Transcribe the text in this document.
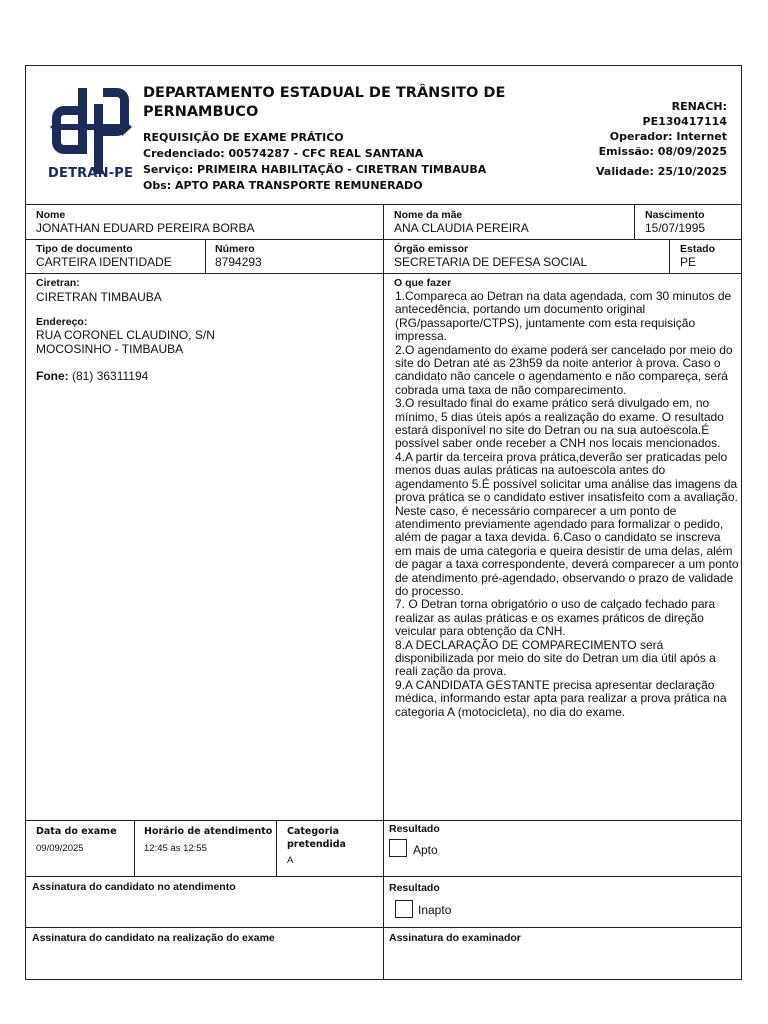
DETRAN-PE
DEPARTAMENTO ESTADUAL DE TRÂNSITO DE PERNAMBUCO
REQUISIÇÃO DE EXAME PRÁTICO
Credenciado: 00574287 - CFC REAL SANTANA
Serviço: PRIMEIRA HABILITAÇÃO - CIRETRAN TIMBAUBA
Obs: APTO PARA TRANSPORTE REMUNERADO
RENACH:
PE130417114
Operador: Internet
Emissão: 08/09/2025
Validade: 25/10/2025
Nome
JONATHAN EDUARD PEREIRA BORBA
Nome da mãe
ANA CLAUDIA PEREIRA
Nascimento
15/07/1995
Tipo de documento
CARTEIRA IDENTIDADE
Número
8794293
Órgão emissor
SECRETARIA DE DEFESA SOCIAL
Estado
PE
Ciretran:
CIRETRAN TIMBAUBA
Endereço:
RUA CORONEL CLAUDINO, S/N
MOCOSINHO - TIMBAUBA
Fone: (81) 36311194
O que fazer

1.Compareca ao Detran na data agendada, com 30 minutos de antecedência, portando um documento original (RG/passaporte/CTPS), juntamente com esta requisição impressa.
2.O agendamento do exame poderá ser cancelado por meio do site do Detran até as 23h59 da noite anterior à prova. Caso o candidato não cancele o agendamento e não compareça, será cobrada uma taxa de não comparecimento.
3.O resultado final do exame prático será divulgado em, no mínimo, 5 dias úteis após a realização do exame. O resultado estará disponível no site do Detran ou na sua autoescola.É possível saber onde receber a CNH nos locais mencionados.
4.A partir da terceira prova prática,deverão ser praticadas pelo menos duas aulas práticas na autoescola antes do agendamento 5.É possível solicitar uma análise das imagens da prova prática se o candidato estiver insatisfeito com a avaliação. Neste caso, é necessário comparecer a um ponto de atendimento previamente agendado para formalizar o pedido, além de pagar a taxa devida. 6.Caso o candidato se inscreva em mais de uma categoria e queira desistir de uma delas, além de pagar a taxa correspondente, deverá comparecer a um ponto de atendimento pré-agendado, observando o prazo de validade do processo.
7. O Detran torna obrigatório o uso de calçado fechado para realizar as aulas práticas e os exames práticos de direção veicular para obtenção da CNH.
8.A DECLARAÇÃO DE COMPARECIMENTO será disponibilizada por meio do site do Detran um dia útil após a reali zação da prova.
9.A CANDIDATA GESTANTE precisa apresentar declaração médica, informando estar apta para realizar a prova prática na categoria A (motocicleta), no dia do exame.

Data do exame
09/09/2025
Horário de atendimento
12:45 às 12:55
Categoria pretendida
A
Resultado
Apto
Assinatura do candidato no atendimento	Resultado
Inapto
Assinatura do candidato na realização do exame	Assinatura do examinador
